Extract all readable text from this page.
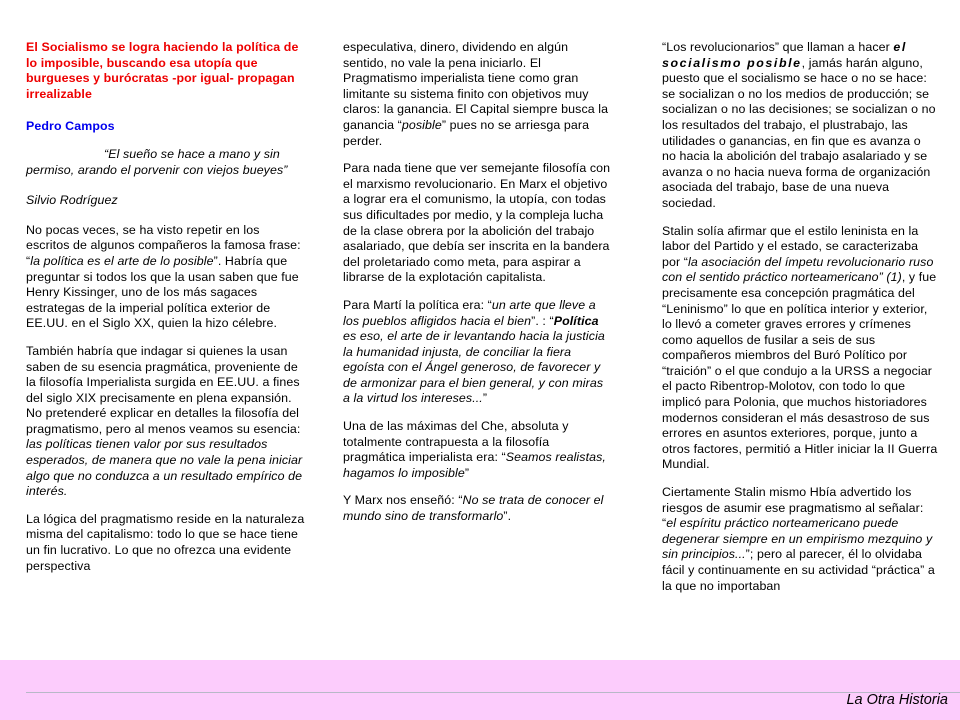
El Socialismo se logra haciendo la política de lo imposible, buscando esa utopía que burgueses y burócratas -por igual- propagan irrealizable
Pedro Campos
“El sueño se hace a mano y sin permiso, arando el porvenir con viejos bueyes”
Silvio Rodríguez

No pocas veces, se ha visto repetir en los escritos de algunos compañeros la famosa frase: “la política es el arte de lo posible”. Habría que preguntar si todos los que la usan saben que fue Henry Kissinger, uno de los más sagaces estrategas de la imperial política exterior de EE.UU. en el Siglo XX, quien la hizo célebre.

También habría que indagar si quienes la usan saben de su esencia pragmática, proveniente de la filosofía Imperialista surgida en EE.UU. a fines del siglo XIX precisamente en plena expansión. No pretenderé explicar en detalles la filosofía del pragmatismo, pero al menos veamos su esencia: las políticas tienen valor por sus resultados esperados, de manera que no vale la pena iniciar algo que no conduzca a un resultado empírico de interés.

La lógica del pragmatismo reside en la naturaleza misma del capitalismo: todo lo que se hace tiene un fin lucrativo. Lo que no ofrezca una evidente perspectiva

especulativa, dinero, dividendo en algún sentido, no vale la pena iniciarlo. El Pragmatismo imperialista tiene como gran limitante su sistema finito con objetivos muy claros: la ganancia. El Capital siempre busca la ganancia “posible” pues no se arriesga para perder.

Para nada tiene que ver semejante filosofía con el marxismo revolucionario. En Marx el objetivo a lograr era el comunismo, la utopía, con todas sus dificultades por medio, y la compleja lucha de la clase obrera por la abolición del trabajo asalariado, que debía ser inscrita en la bandera del proletariado como meta, para aspirar a librarse de la explotación capitalista.

Para Martí la política era: “un arte que lleve a los pueblos afligidos hacia el bien”. : “Política es eso, el arte de ir levantando hacia la justicia la humanidad injusta, de conciliar la fiera egoísta con el Ángel generoso, de favorecer y de armonizar para el bien general, y con miras a la virtud los intereses...”

Una de las máximas del Che, absoluta y totalmente contrapuesta a la filosofía pragmática imperialista era: “Seamos realistas, hagamos lo imposible”

Y Marx nos enseñó: “No se trata de conocer el mundo sino de transformarlo”.

“Los revolucionarios” que llaman a hacer el socialismo posible, jamás harán alguno, puesto que el socialismo se hace o no se hace: se socializan o no los medios de producción; se socializan o no las decisiones; se socializan o no los resultados del trabajo, el plustrabajo, las utilidades o ganancias, en fin que es avanza o no hacia la abolición del trabajo asalariado y se avanza o no hacia nueva forma de organización asociada del trabajo, base de una nueva sociedad.

Stalin solía afirmar que el estilo leninista en la labor del Partido y el estado, se caracterizaba por “la asociación del ímpetu revolucionario ruso con el sentido práctico norteamericano” (1), y fue precisamente esa concepción pragmática del “Leninismo” lo que en política interior y exterior, lo llevó a cometer graves errores y crímenes como aquellos de fusilar a seis de sus compañeros miembros del Buró Político por “traición” o el que condujo a la URSS a negociar el pacto Ribentrop-Molotov, con todo lo que implicó para Polonia, que muchos historiadores modernos consideran el más desastroso de sus errores en asuntos exteriores, porque, junto a otros factores, permitió a Hitler iniciar la II Guerra Mundial.

Ciertamente Stalin mismo Hbía advertido los riesgos de asumir ese pragmatismo al señalar: “el espíritu práctico norteamericano puede degenerar siempre en un empirismo mezquino y sin principios...”; pero al parecer, él lo olvidaba fácil y continuamente en su actividad “práctica” a la que no importaban

La Otra Historia
